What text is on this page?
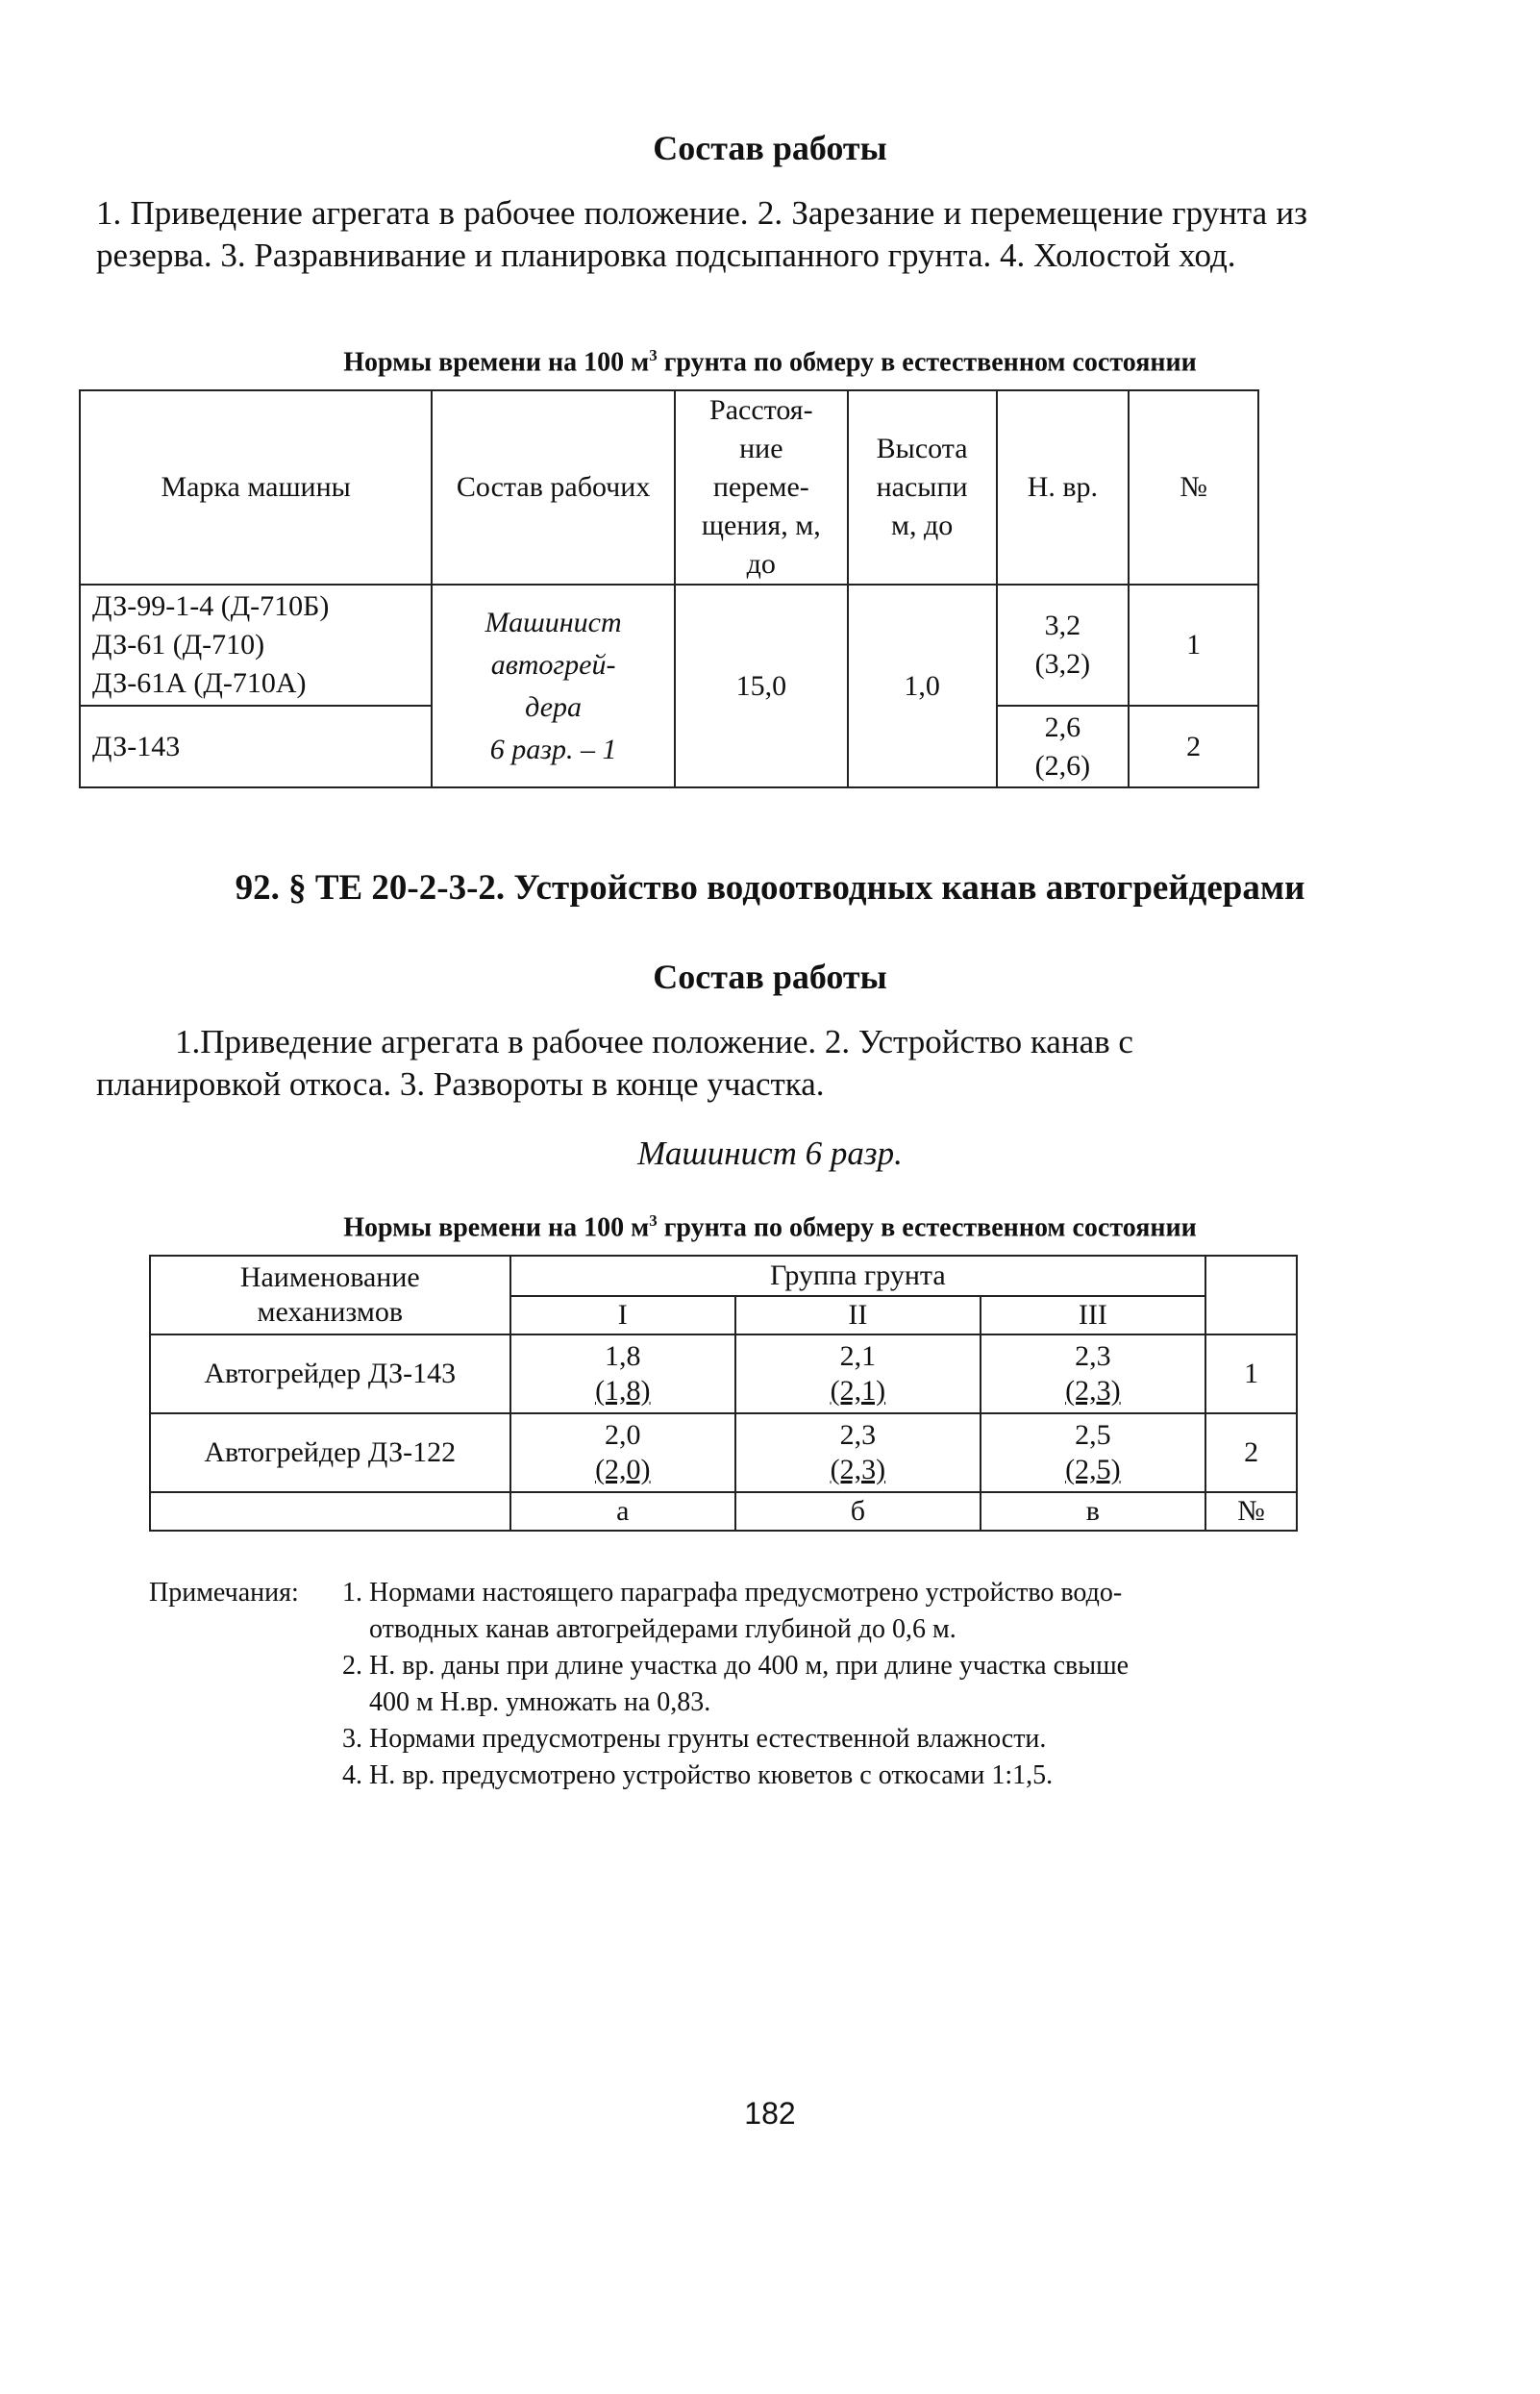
Состав работы
1. Приведение агрегата в рабочее положение. 2. Зарезание и перемещение грунта из резерва. 3. Разравнивание и планировка подсыпанного грунта. 4. Холостой ход.
Нормы времени на 100 $м^3$ грунта по обмеру в естественном состоянии
Марка машины	Состав рабочих	Расстоя-
ние
переме-
щения, м,
до	Высота
насыпи
м, до	Н. вр.	№
ДЗ-99-1-4 (Д-710Б)
ДЗ-61 (Д-710)
ДЗ-61А (Д-710А)	Машинист
автогрей-
дера
6 разр. – 1	15,0	1,0	3,2
(3,2)	1
ДЗ-143				2,6
(2,6)	2
92. § ТЕ 20-2-3-2. Устройство водоотводных канав автогрейдерами
Состав работы
1.Приведение агрегата в рабочее положение. 2. Устройство канав с
планировкой откоса. 3. Развороты в конце участка.
Машинист 6 разр.
Нормы времени на 100 $м^3$ грунта по обмеру в естественном состоянии
Наименование
механизмов	Группа грунта			
	I	II	III	
Автогрейдер ДЗ-143	1,8
(1,8)	2,1
(2,1)	2,3
(2,3)	1
Автогрейдер ДЗ-122	2,0
(2,0)	2,3
(2,3)	2,5
(2,5)	2
	а	б	в	№
Примечания: 1. Нормами настоящего параграфа предусмотрено устройство водо-
отводных канав автогрейдерами глубиной до 0,6 м.
2. Н. вр. даны при длине участка до 400 м, при длине участка свыше
400 м Н.вр. умножать на 0,83.
3. Нормами предусмотрены грунты естественной влажности.
4. Н. вр. предусмотрено устройство кюветов с откосами 1:1,5.
182
